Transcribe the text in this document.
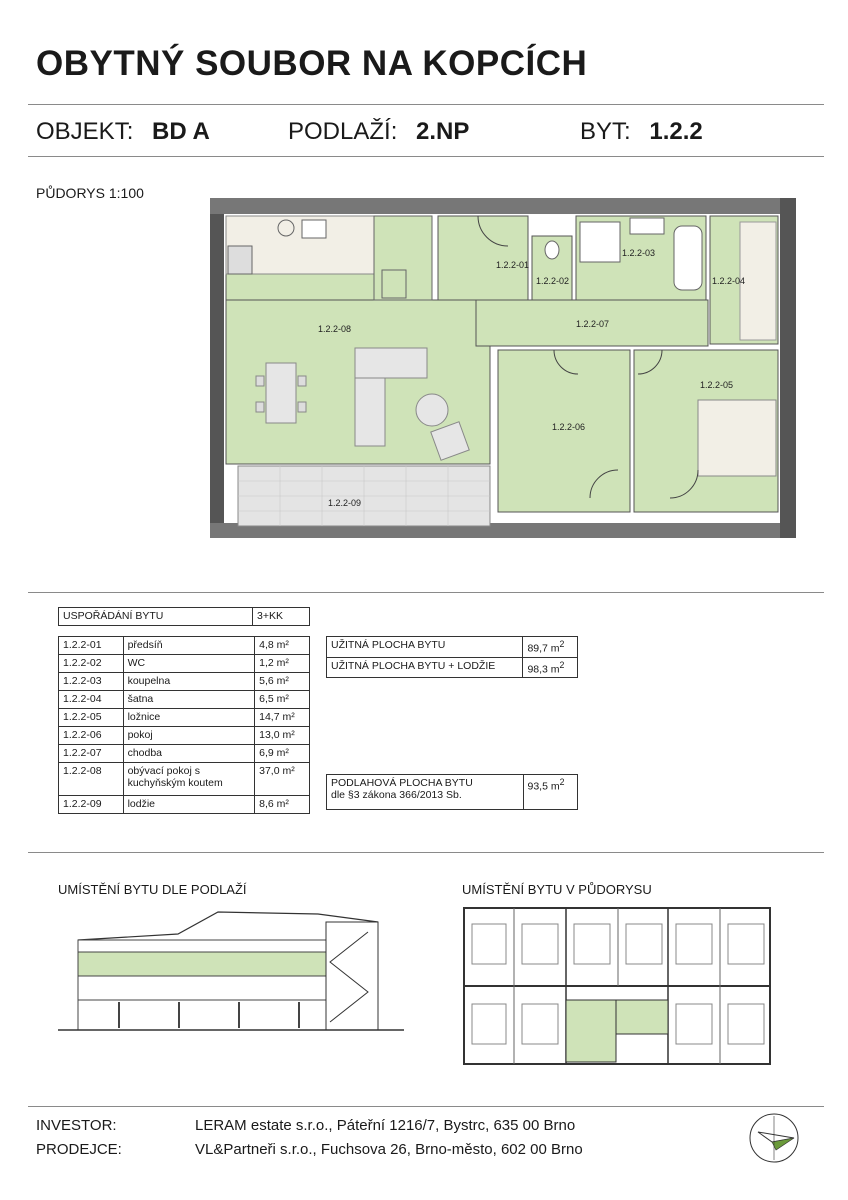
OBYTNÝ SOUBOR NA KOPCÍCH
OBJEKT: BD A	PODLAŽÍ: 2.NP	BYT: 1.2.2
PŮDORYS 1:100
1.2.2-01
1.2.2-02
1.2.2-03
1.2.2-04
1.2.2-05
1.2.2-06
1.2.2-07
1.2.2-08
1.2.2-09
USPOŘÁDÁNÍ BYTU	3+KK
1.2.2-01	předsíň	4,8 m²
1.2.2-02	WC	1,2 m²
1.2.2-03	koupelna	5,6 m²
1.2.2-04	šatna	6,5 m²
1.2.2-05	ložnice	14,7 m²
1.2.2-06	pokoj	13,0 m²
1.2.2-07	chodba	6,9 m²
1.2.2-08	obývací pokoj s kuchyňským koutem	37,0 m²
1.2.2-09	lodžie	8,6 m²
UŽITNÁ PLOCHA BYTU	89,7 $m^2$
UŽITNÁ PLOCHA BYTU + LODŽIE	98,3 $m^2$
PODLAHOVÁ PLOCHA BYTU
dle §3 zákona 366/2013 Sb.
	93,5 $m^2$
UMÍSTĚNÍ BYTU DLE PODLAŽÍ	UMÍSTĚNÍ BYTU V PŮDORYSU
INVESTOR:	LERAM estate s.r.o., Páteřní 1216/7, Bystrc, 635 00 Brno
PRODEJCE:	VL&Partneři s.r.o., Fuchsova 26, Brno-město, 602 00 Brno
